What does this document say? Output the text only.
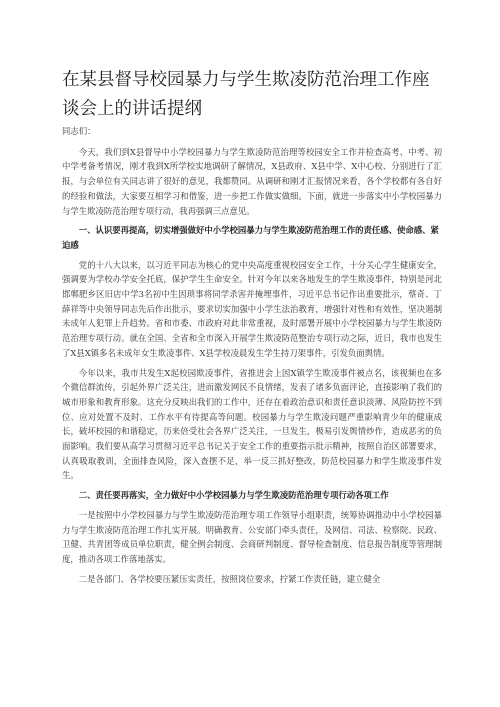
在某县督导校园暴力与学生欺凌防范治理工作座谈会上的讲话提纲

同志们：

今天，我们到X县督导中小学校园暴力与学生欺凌防范治理等校园安全工作并检查高考、中考、初中学考备考情况，刚才我到X所学校实地调研了解情况，X县政府、X县中学、X中心校、分别进行了汇报，与会单位有关同志讲了很好的意见，我都赞同。从调研和刚才汇报情况来看，各个学校都有各自好的经验和做法，大家要互相学习和借鉴，进一步把工作做实做细。下面，就进一步落实中小学校园暴力与学生欺凌防范治理专项行动，我再强调三点意见。

一、认识要再提高，切实增强做好中小学校园暴力与学生欺凌防范治理工作的责任感、使命感、紧迫感

党的十八大以来，以习近平同志为核心的党中央高度重视校园安全工作，十分关心学生健康安全，强调要为学校办学安全托底，保护学生生命安全。针对今年以来各地发生的学生欺凌事件，特别是河北邯郸肥乡区旧店中学3名初中生因琐事将同学杀害并掩埋事件，习近平总书记作出重要批示，蔡奇、丁薛祥等中央领导同志先后作出批示，要求切实加强中小学生法治教育，增强针对性和有效性，坚决遏制未成年人犯罪上升趋势。省和市委、市政府对此非常重视，及时部署开展中小学校园暴力与学生欺凌防范治理专项行动。就在全国、全省和全市深入开展学生欺凌防范整治专项行动之际，近日，我市也发生了X县X镇多名未成年女生欺凌事件、X县学校凌晨发生学生持刀架事件，引发负面舆情。

今年以来，我市共发生X起校园欺凌事件，省推进会上因X镇学生欺凌事件被点名，该视频也在多个微信群流传，引起外界广泛关注，进而激发网民不良情绪，发表了诸多负面评论，直接影响了我们的城市形象和教育形象。这充分反映出我们的工作中，还存在着政治意识和责任意识淡薄、风险防控不到位、应对处置不及时、工作水平有待提高等问题。校园暴力与学生欺凌问题严重影响青少年的健康成长，破坏校园的和谐稳定，历来倍受社会各界广泛关注，一旦发生，极易引发舆情炒作，造成恶劣的负面影响。我们要从高学习贯彻习近平总书记关于安全工作的重要指示批示精神，按照自治区部署要求，认真吸取教训，全面排查风险，深入查摆不足，举一反三抓好整改，防范校园暴力和学生欺凌事件发生。

二、责任要再落实，全力做好中小学校园暴力与学生欺凌防范治理专项行动各项工作

一是按照中小学校园暴力与学生欺凌防范治理专项工作领导小组职责，统筹协调推动中小学校园暴力与学生欺凌防范治理工作扎实开展。明确教育、公安部门牵头责任，及网信、司法、检察院、民政、卫健、共青团等成员单位职责，健全例会制度、会商研判制度、督导检查制度、信息报告制度等管理制度，推动各项工作落地落实。

二是各部门、各学校要压紧压实责任，按照岗位要求，拧紧工作责任链，建立健全
